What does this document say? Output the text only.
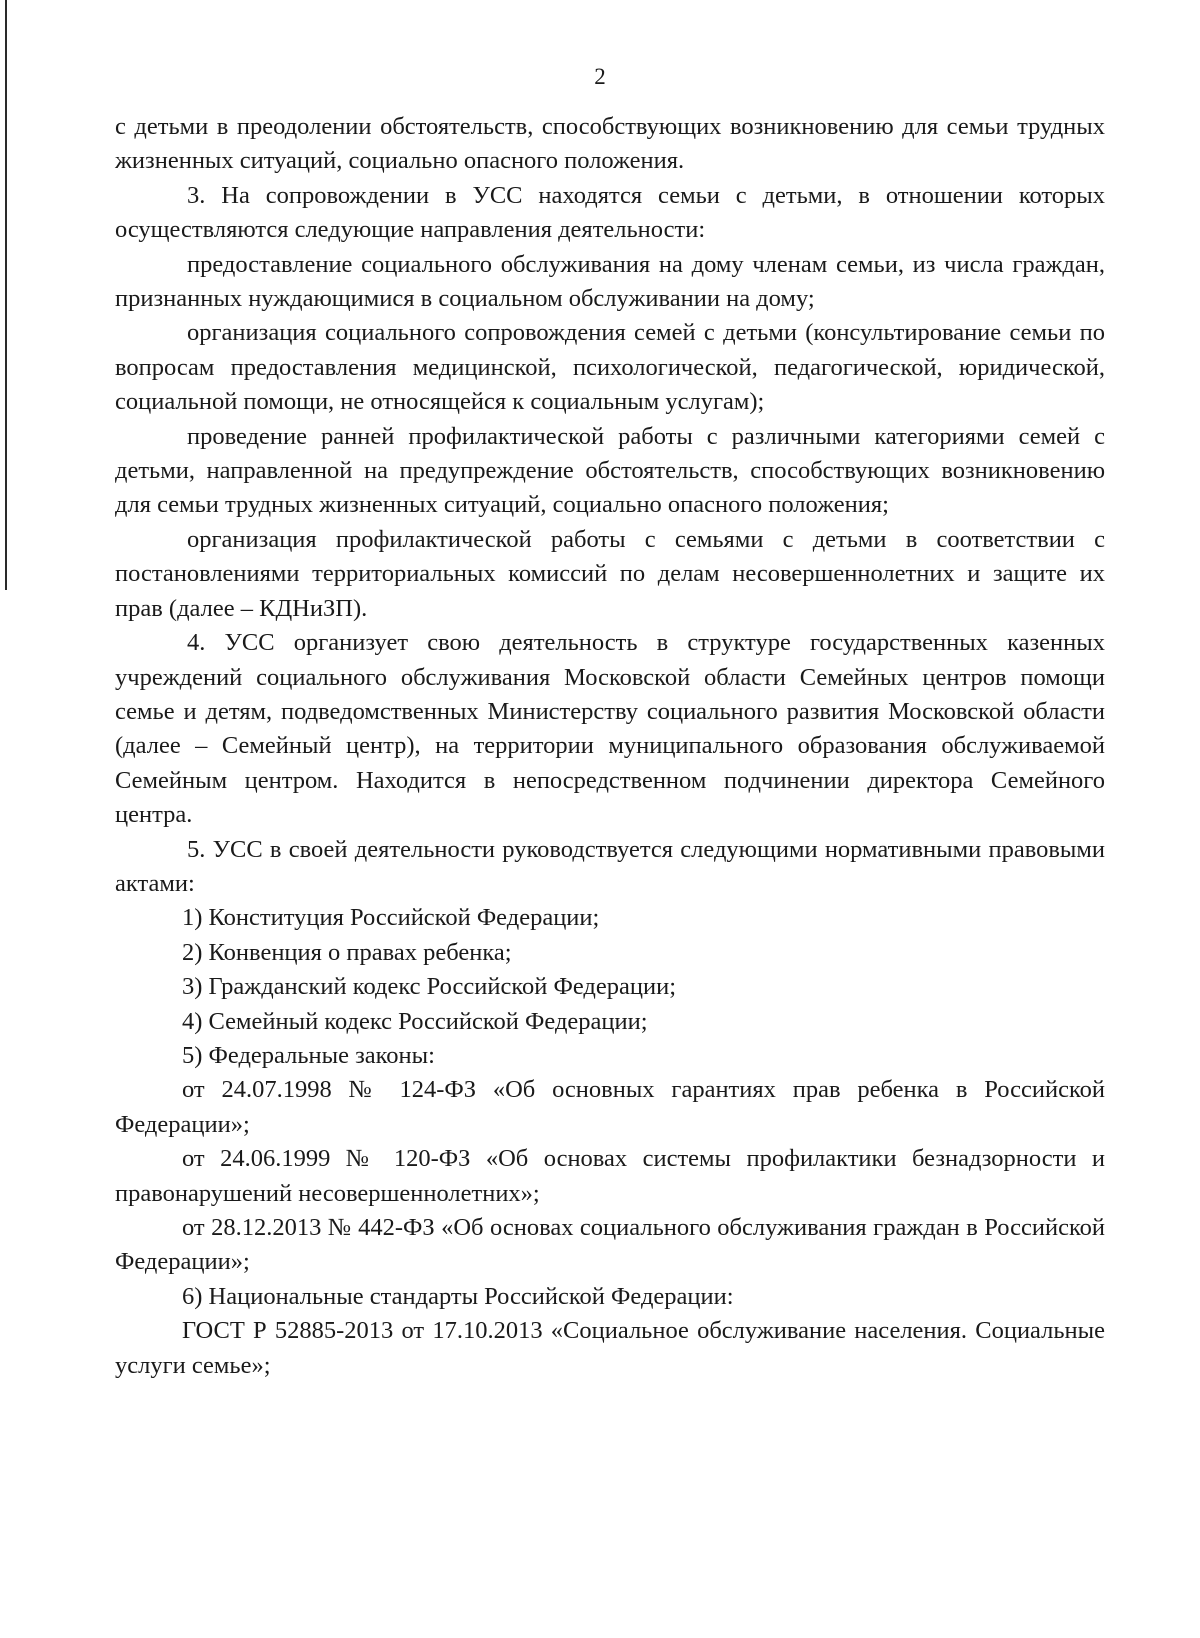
2

с детьми в преодолении обстоятельств, способствующих возникновению для семьи трудных жизненных ситуаций, социально опасного положения.

3. На сопровождении в УСС находятся семьи с детьми, в отношении которых осуществляются следующие направления деятельности:

предоставление социального обслуживания на дому членам семьи, из числа граждан, признанных нуждающимися в социальном обслуживании на дому;

организация социального сопровождения семей с детьми (консультирование семьи по вопросам предоставления медицинской, психологической, педагогической, юридической, социальной помощи, не относящейся к социальным услугам);

проведение ранней профилактической работы с различными категориями семей с детьми, направленной на предупреждение обстоятельств, способствующих возникновению для семьи трудных жизненных ситуаций, социально опасного положения;

организация профилактической работы с семьями с детьми в соответствии с постановлениями территориальных комиссий по делам несовершеннолетних и защите их прав (далее – КДНиЗП).

4. УСС организует свою деятельность в структуре государственных казенных учреждений социального обслуживания Московской области Семейных центров помощи семье и детям, подведомственных Министерству социального развития Московской области (далее – Семейный центр), на территории муниципального образования обслуживаемой Семейным центром. Находится в непосредственном подчинении директора Семейного центра.

5. УСС в своей деятельности руководствуется следующими нормативными правовыми актами:

1) Конституция Российской Федерации;

2) Конвенция о правах ребенка;

3) Гражданский кодекс Российской Федерации;

4) Семейный кодекс Российской Федерации;

5) Федеральные законы:

от 24.07.1998 № 124-ФЗ «Об основных гарантиях прав ребенка в Российской Федерации»;

от 24.06.1999 № 120-ФЗ «Об основах системы профилактики безнадзорности и правонарушений несовершеннолетних»;

от 28.12.2013 № 442-ФЗ «Об основах социального обслуживания граждан в Российской Федерации»;

6) Национальные стандарты Российской Федерации:

ГОСТ Р 52885-2013 от 17.10.2013 «Социальное обслуживание населения. Социальные услуги семье»;
